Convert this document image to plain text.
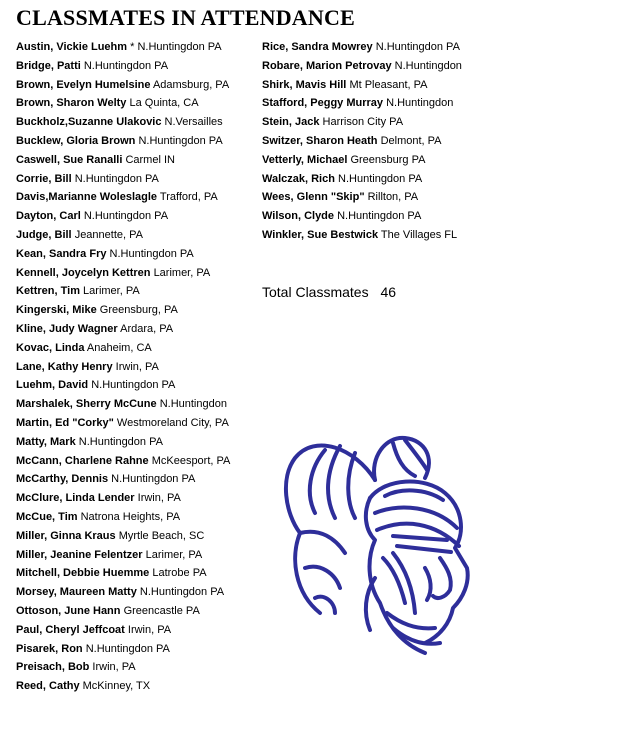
CLASSMATES IN ATTENDANCE
Austin, Vickie Luehm * N.Huntingdon PA
Bridge, Patti N.Huntingdon PA
Brown, Evelyn Humelsine Adamsburg, PA
Brown, Sharon Welty La Quinta, CA
Buckholz,Suzanne Ulakovic N.Versailles
Bucklew, Gloria Brown N.Huntingdon PA
Caswell, Sue Ranalli Carmel IN
Corrie, Bill N.Huntingdon PA
Davis,Marianne Woleslagle Trafford, PA
Dayton, Carl N.Huntingdon PA
Judge, Bill Jeannette, PA
Kean, Sandra Fry N.Huntingdon PA
Kennell, Joycelyn Kettren Larimer, PA
Kettren, Tim Larimer, PA
Kingerski, Mike Greensburg, PA
Kline, Judy Wagner Ardara, PA
Kovac, Linda Anaheim, CA
Lane, Kathy Henry Irwin, PA
Luehm, David N.Huntingdon PA
Marshalek, Sherry McCune N.Huntingdon
Martin, Ed "Corky" Westmoreland City, PA
Matty, Mark N.Huntingdon PA
McCann, Charlene Rahne McKeesport, PA
McCarthy, Dennis N.Huntingdon PA
McClure, Linda Lender Irwin, PA
McCue, Tim Natrona Heights, PA
Miller, Ginna Kraus Myrtle Beach, SC
Miller, Jeanine Felentzer Larimer, PA
Mitchell, Debbie Huemme Latrobe PA
Morsey, Maureen Matty N.Huntingdon PA
Ottoson, June Hann Greencastle PA
Paul, Cheryl Jeffcoat Irwin, PA
Pisarek, Ron N.Huntingdon PA
Preisach, Bob Irwin, PA
Reed, Cathy McKinney, TX
Rice, Sandra Mowrey N.Huntingdon PA
Robare, Marion Petrovay N.Huntingdon
Shirk, Mavis Hill Mt Pleasant, PA
Stafford, Peggy Murray N.Huntingdon
Stein, Jack Harrison City PA
Switzer, Sharon Heath Delmont, PA
Vetterly, Michael Greensburg PA
Walczak, Rich N.Huntingdon PA
Wees, Glenn "Skip" Rillton, PA
Wilson, Clyde N.Huntingdon PA
Winkler, Sue Bestwick The Villages FL
Total Classmates 46
